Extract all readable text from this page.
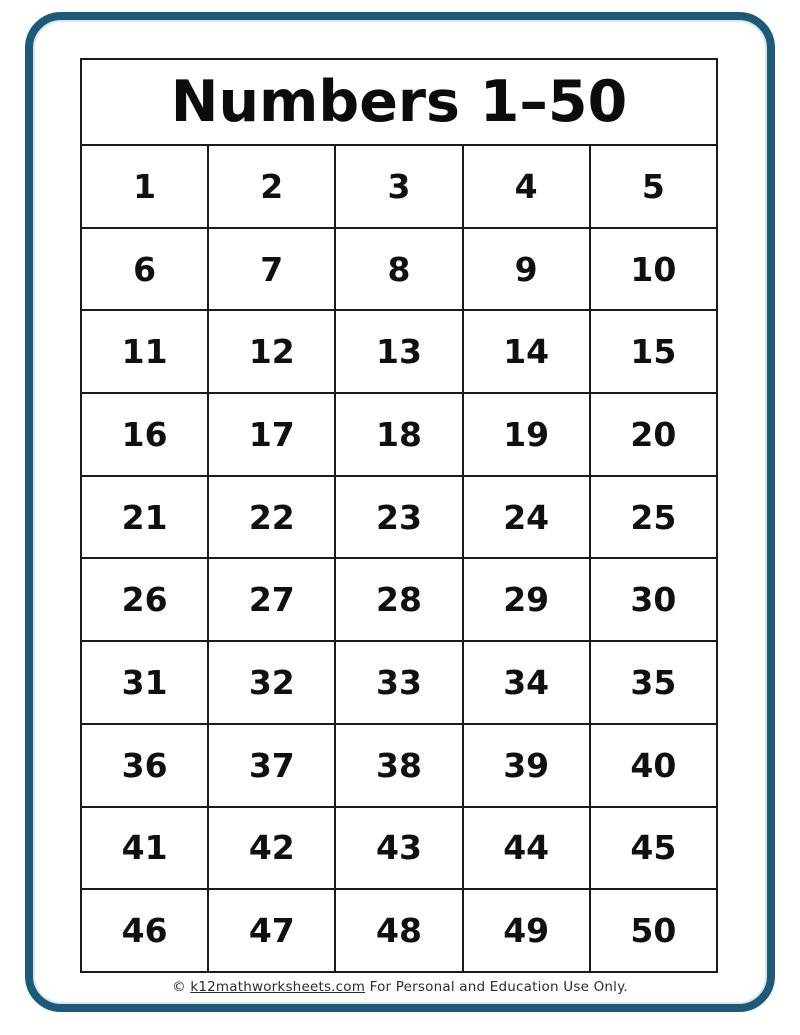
Numbers 1–50				
1	2	3	4	5
6	7	8	9	10
11	12	13	14	15
16	17	18	19	20
21	22	23	24	25
26	27	28	29	30
31	32	33	34	35
36	37	38	39	40
41	42	43	44	45
46	47	48	49	50
© k12mathworksheets.com For Personal and Education Use Only.
